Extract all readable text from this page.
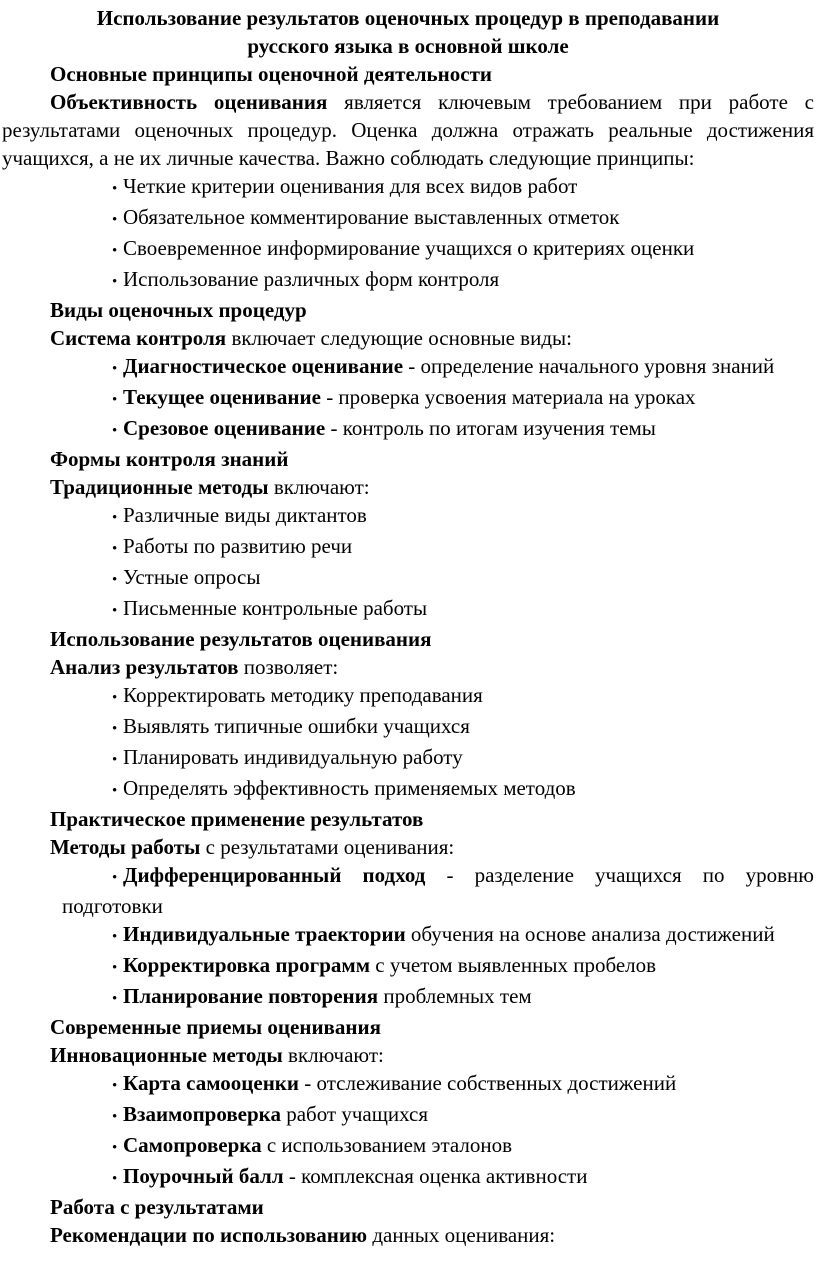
Использование результатов оценочных процедур в преподавании
русского языка в основной школе

Основные принципы оценочной деятельности

Объективность оценивания является ключевым требованием при работе с результатами оценочных процедур. Оценка должна отражать реальные достижения учащихся, а не их личные качества. Важно соблюдать следующие принципы:

• Четкие критерии оценивания для всех видов работ
• Обязательное комментирование выставленных отметок
• Своевременное информирование учащихся о критериях оценки
• Использование различных форм контроля

Виды оценочных процедур

Система контроля включает следующие основные виды:

• Диагностическое оценивание - определение начального уровня знаний
• Текущее оценивание - проверка усвоения материала на уроках
• Срезовое оценивание - контроль по итогам изучения темы

Формы контроля знаний

Традиционные методы включают:

• Различные виды диктантов
• Работы по развитию речи
• Устные опросы
• Письменные контрольные работы

Использование результатов оценивания

Анализ результатов позволяет:

• Корректировать методику преподавания
• Выявлять типичные ошибки учащихся
• Планировать индивидуальную работу
• Определять эффективность применяемых методов

Практическое применение результатов

Методы работы с результатами оценивания:

• Дифференцированный подход - разделение учащихся по уровню подготовки
• Индивидуальные траектории обучения на основе анализа достижений
• Корректировка программ с учетом выявленных пробелов
• Планирование повторения проблемных тем

Современные приемы оценивания

Инновационные методы включают:

• Карта самооценки - отслеживание собственных достижений
• Взаимопроверка работ учащихся
• Самопроверка с использованием эталонов
• Поурочный балл - комплексная оценка активности

Работа с результатами

Рекомендации по использованию данных оценивания:
